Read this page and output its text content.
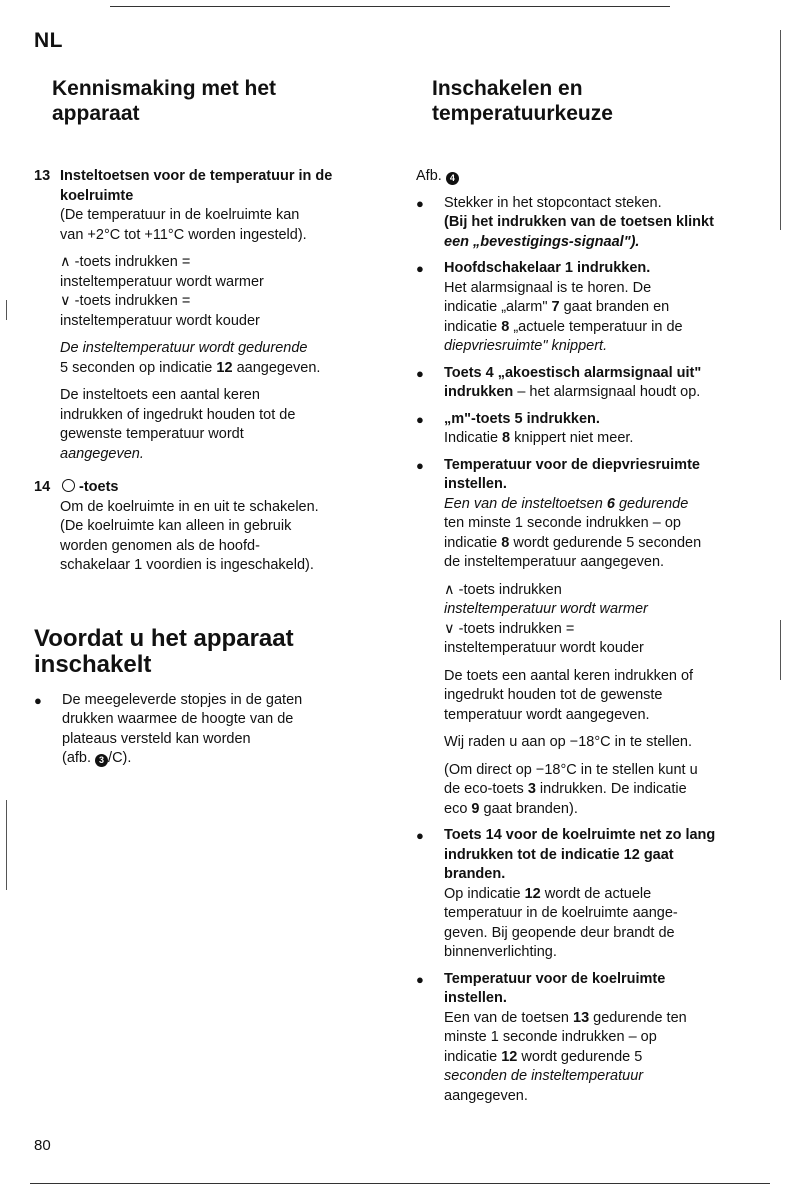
NL

Kennismaking met het
apparaat
13 Insteltoetsen voor de temperatuur in de

koelruimte

(De temperatuur in de koelruimte kan

van +2°C tot +11°C worden ingesteld).

∧ -toets indrukken =

insteltemperatuur wordt warmer

∨ -toets indrukken =

insteltemperatuur wordt kouder

De insteltemperatuur wordt gedurende

5 seconden op indicatie 12 aangegeven.

De insteltoets een aantal keren

indrukken of ingedrukt houden tot de

gewenste temperatuur wordt

aangegeven.

14	-toets

Om de koelruimte in en uit te schakelen.

(De koelruimte kan alleen in gebruik

worden genomen als de hoofd-

schakelaar 1 voordien is ingeschakeld).

Voordat u het apparaat
inschakelt
●	De meegeleverde stopjes in de gaten

drukken waarmee de hoogte van de

plateaus versteld kan worden

(afb. 3 /C).

Inschakelen en
temperatuurkeuze

Afb. 4

●	Stekker in het stopcontact steken.

(Bij het indrukken van de toetsen klinkt

een „bevestigings-signaal").

●	Hoofdschakelaar 1 indrukken.

Het alarmsignaal is te horen. De

indicatie „alarm" 7 gaat branden en

indicatie 8 „actuele temperatuur in de

diepvriesruimte" knippert.

●	Toets 4 „akoestisch alarmsignaal uit"

indrukken – het alarmsignaal houdt op.

●	„m"-toets 5 indrukken.

Indicatie 8 knippert niet meer.

●	Temperatuur voor de diepvriesruimte

instellen.

Een van de insteltoetsen 6 gedurende

ten minste 1 seconde indrukken – op

indicatie 8 wordt gedurende 5 seconden

de insteltemperatuur aangegeven.

∧ -toets indrukken

insteltemperatuur wordt warmer

∨ -toets indrukken =

insteltemperatuur wordt kouder

De toets een aantal keren indrukken of

ingedrukt houden tot de gewenste

temperatuur wordt aangegeven.

Wij raden u aan op −18°C in te stellen.

(Om direct op −18°C in te stellen kunt u

de eco-toets 3 indrukken. De indicatie

eco 9 gaat branden).

●	Toets 14 voor de koelruimte net zo lang

indrukken tot de indicatie 12 gaat

branden.

Op indicatie 12 wordt de actuele

temperatuur in de koelruimte aange-

geven. Bij geopende deur brandt de

binnenverlichting.

●	Temperatuur voor de koelruimte

instellen.

Een van de toetsen 13 gedurende ten

minste 1 seconde indrukken – op

indicatie 12 wordt gedurende 5

seconden de insteltemperatuur

aangegeven.

80
